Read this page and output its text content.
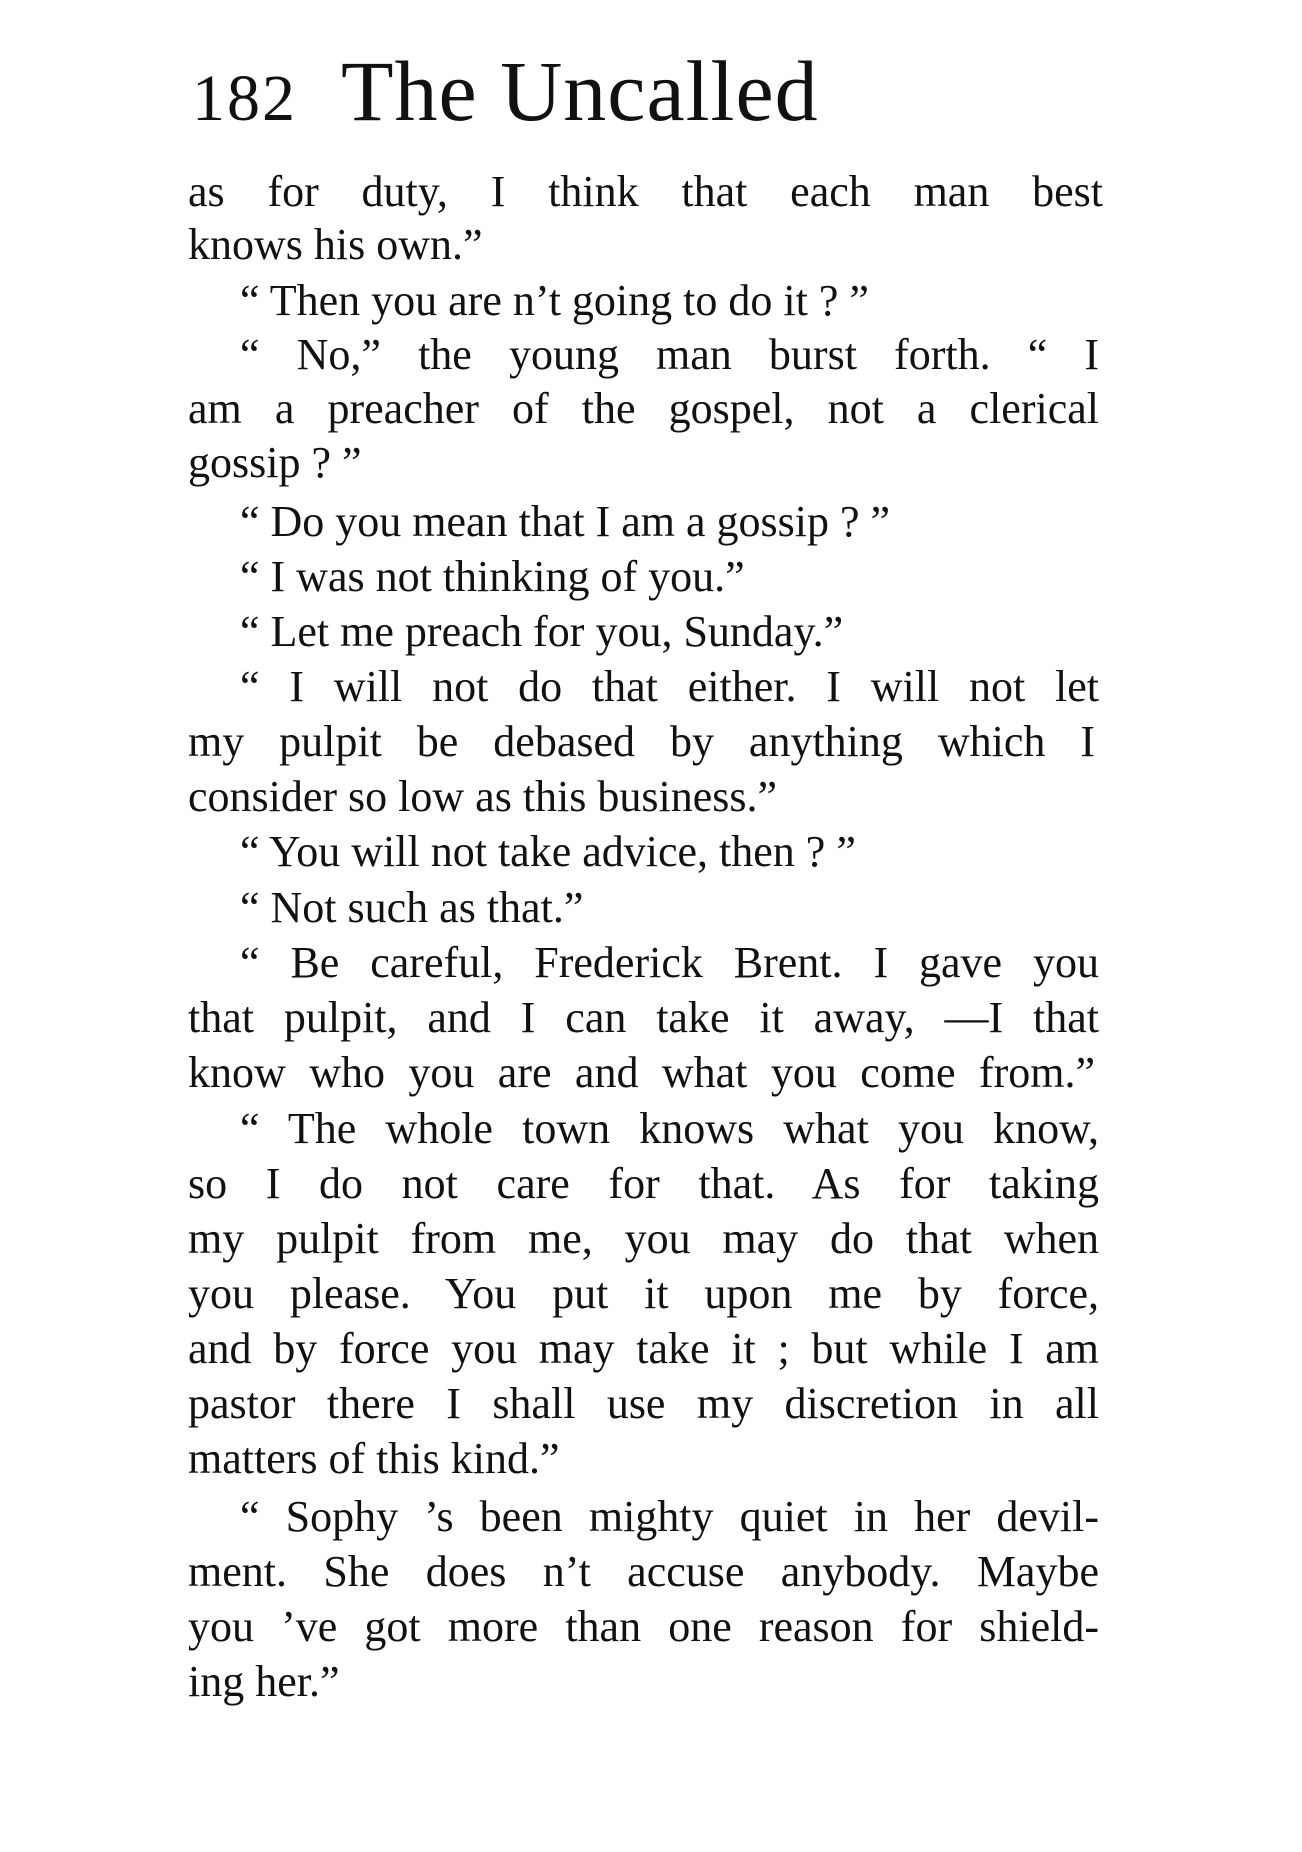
182 The Uncalled
as for duty, I think that each man best
knows his own.”
“ Then you are n’t going to do it ? ”
“ No,” the young man burst forth. “ I
am a preacher of the gospel, not a clerical
gossip ? ”
“ Do you mean that I am a gossip ? ”
“ I was not thinking of you.”
“ Let me preach for you, Sunday.”
“ I will not do that either. I will not let
my pulpit be debased by anything which I
consider so low as this business.”
“ You will not take advice, then ? ”
“ Not such as that.”
“ Be careful, Frederick Brent. I gave you
that pulpit, and I can take it away, —I that
know who you are and what you come from.”
“ The whole town knows what you know,
so I do not care for that. As for taking
my pulpit from me, you may do that when
you please. You put it upon me by force,
and by force you may take it ; but while I am
pastor there I shall use my discretion in all
matters of this kind.”
“ Sophy ’s been mighty quiet in her devil-
ment. She does n’t accuse anybody. Maybe
you ’ve got more than one reason for shield-
ing her.”
